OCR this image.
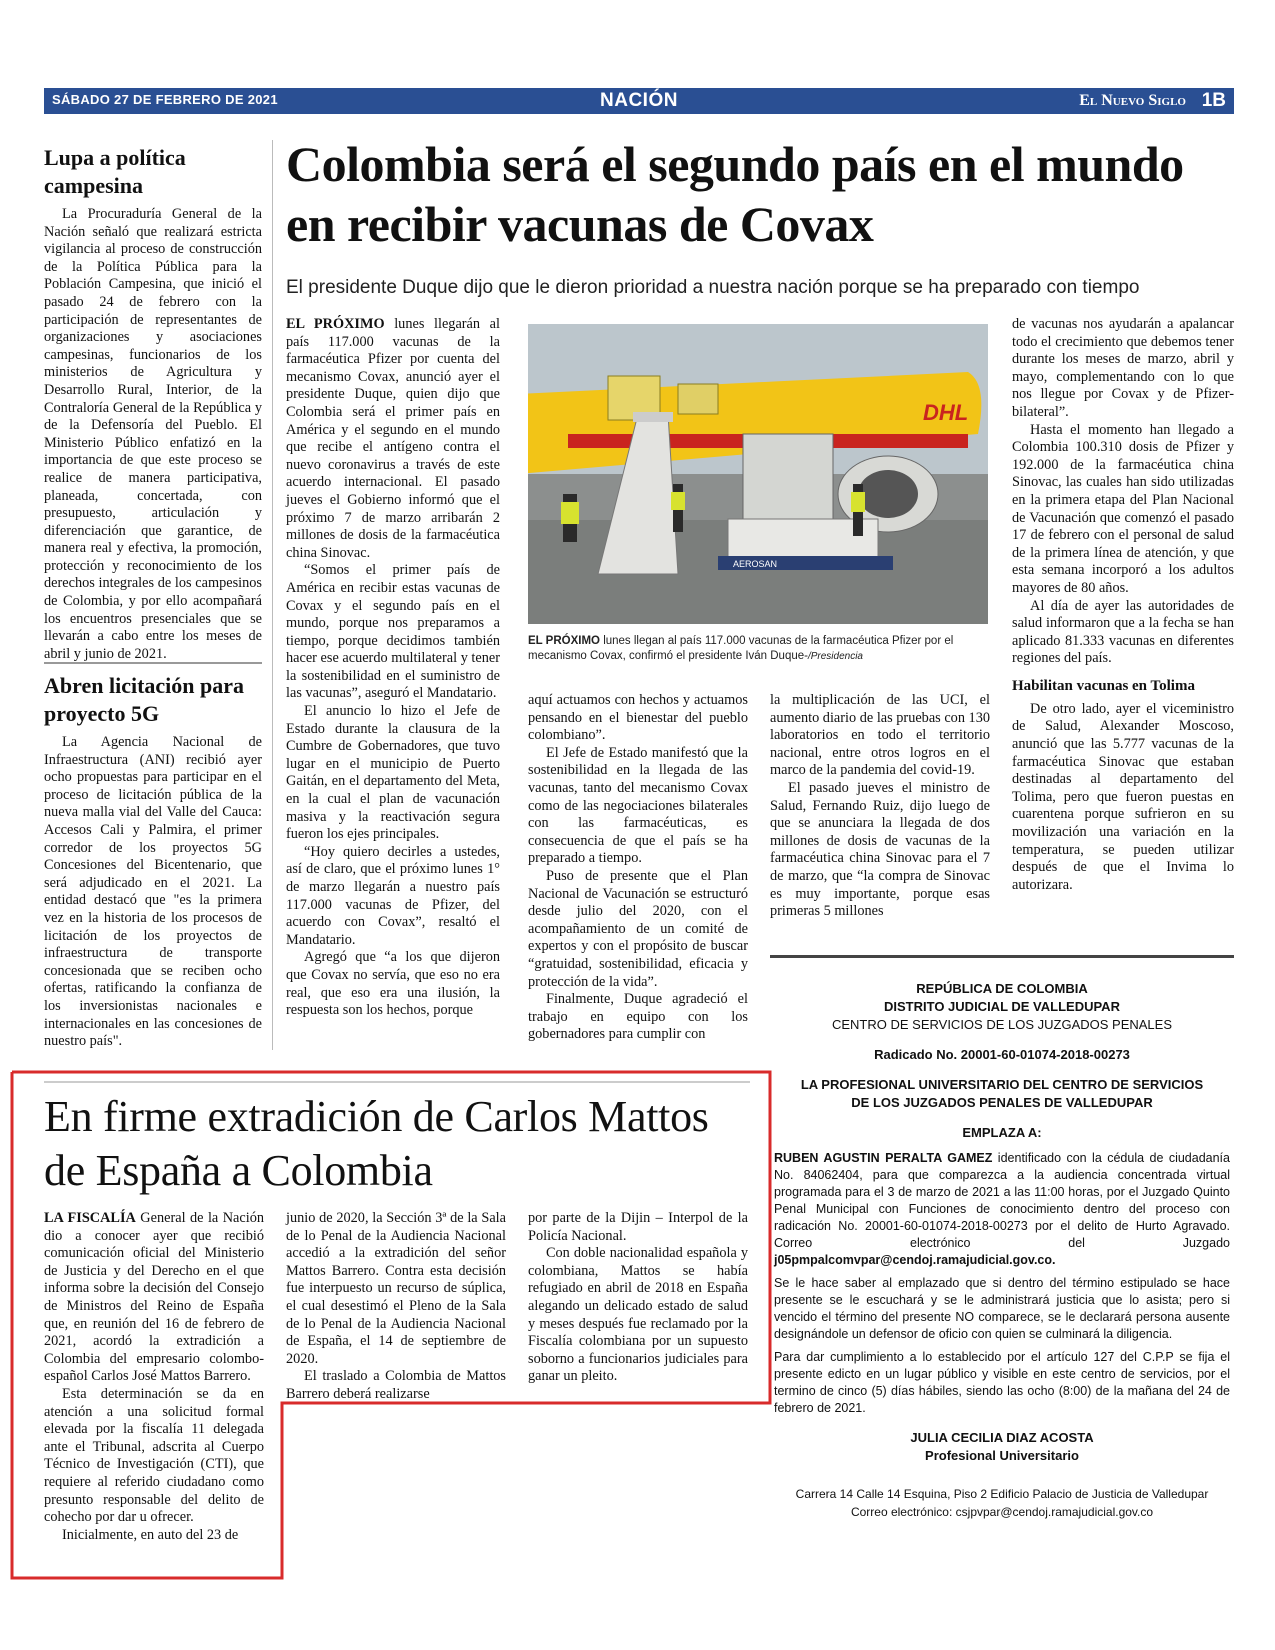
SÁBADO 27 DE FEBRERO DE 2021	NACIÓN	El Nuevo Siglo 1B
Lupa a política campesina

La Procuraduría General de la Nación señaló que realizará estricta vigilancia al proceso de construcción de la Política Pública para la Población Campesina, que inició el pasado 24 de febrero con la participación de representantes de organizaciones y asociaciones campesinas, funcionarios de los ministerios de Agricultura y Desarrollo Rural, Interior, de la Contraloría General de la República y de la Defensoría del Pueblo. El Ministerio Público enfatizó en la importancia de que este proceso se realice de manera participativa, planeada, concertada, con presupuesto, articulación y diferenciación que garantice, de manera real y efectiva, la promoción, protección y reconocimiento de los derechos integrales de los campesinos de Colombia, y por ello acompañará los encuentros presenciales que se llevarán a cabo entre los meses de abril y junio de 2021.

Abren licitación para proyecto 5G

La Agencia Nacional de Infraestructura (ANI) recibió ayer ocho propuestas para participar en el proceso de licitación pública de la nueva malla vial del Valle del Cauca: Accesos Cali y Palmira, el primer corredor de los proyectos 5G Concesiones del Bicentenario, que será adjudicado en el 2021. La entidad destacó que "es la primera vez en la historia de los procesos de licitación de los proyectos de infraestructura de transporte concesionada que se reciben ocho ofertas, ratificando la confianza de los inversionistas nacionales e internacionales en las concesiones de nuestro país".

Colombia será el segundo país en el mundo en recibir vacunas de Covax
El presidente Duque dijo que le dieron prioridad a nuestra nación porque se ha preparado con tiempo

EL PRÓXIMO lunes llegarán al país 117.000 vacunas de la farmacéutica Pfizer por cuenta del mecanismo Covax, anunció ayer el presidente Duque, quien dijo que Colombia será el primer país en América y el segundo en el mundo que recibe el antígeno contra el nuevo coronavirus a través de este acuerdo internacional. El pasado jueves el Gobierno informó que el próximo 7 de marzo arribarán 2 millones de dosis de la farmacéutica china Sinovac.

“Somos el primer país de América en recibir estas vacunas de Covax y el segundo país en el mundo, porque nos preparamos a tiempo, porque decidimos también hacer ese acuerdo multilateral y tener la sostenibilidad en el suministro de las vacunas”, aseguró el Mandatario.

El anuncio lo hizo el Jefe de Estado durante la clausura de la Cumbre de Gobernadores, que tuvo lugar en el municipio de Puerto Gaitán, en el departamento del Meta, en la cual el plan de vacunación masiva y la reactivación segura fueron los ejes principales.

“Hoy quiero decirles a ustedes, así de claro, que el próximo lunes 1° de marzo llegarán a nuestro país 117.000 vacunas de Pfizer, del acuerdo con Covax”, resaltó el Mandatario.

Agregó que “a los que dijeron que Covax no servía, que eso no era real, que eso era una ilusión, la respuesta son los hechos, porque

DHL
AEROSAN
EL PRÓXIMO lunes llegan al país 117.000 vacunas de la farmacéutica Pfizer por el mecanismo Covax, confirmó el presidente Iván Duque-/Presidencia

aquí actuamos con hechos y actuamos pensando en el bienestar del pueblo colombiano”.

El Jefe de Estado manifestó que la sostenibilidad en la llegada de las vacunas, tanto del mecanismo Covax como de las negociaciones bilaterales con las farmacéuticas, es consecuencia de que el país se ha preparado a tiempo.

Puso de presente que el Plan Nacional de Vacunación se estructuró desde julio del 2020, con el acompañamiento de un comité de expertos y con el propósito de buscar “gratuidad, sostenibilidad, eficacia y protección de la vida”.

Finalmente, Duque agradeció el trabajo en equipo con los gobernadores para cumplir con

la multiplicación de las UCI, el aumento diario de las pruebas con 130 laboratorios en todo el territorio nacional, entre otros logros en el marco de la pandemia del covid-19.

El pasado jueves el ministro de Salud, Fernando Ruiz, dijo luego de que se anunciara la llegada de dos millones de dosis de vacunas de la farmacéutica china Sinovac para el 7 de marzo, que “la compra de Sinovac es muy importante, porque esas primeras 5 millones

de vacunas nos ayudarán a apalancar todo el crecimiento que debemos tener durante los meses de marzo, abril y mayo, complementando con lo que nos llegue por Covax y de Pfizer-bilateral”.

Hasta el momento han llegado a Colombia 100.310 dosis de Pfizer y 192.000 de la farmacéutica china Sinovac, las cuales han sido utilizadas en la primera etapa del Plan Nacional de Vacunación que comenzó el pasado 17 de febrero con el personal de salud de la primera línea de atención, y que esta semana incorporó a los adultos mayores de 80 años.

Al día de ayer las autoridades de salud informaron que a la fecha se han aplicado 81.333 vacunas en diferentes regiones del país.

Habilitan vacunas en Tolima

De otro lado, ayer el viceministro de Salud, Alexander Moscoso, anunció que las 5.777 vacunas de la farmacéutica Sinovac que estaban destinadas al departamento del Tolima, pero que fueron puestas en cuarentena porque sufrieron en su movilización una variación en la temperatura, se pueden utilizar después de que el Invima lo autorizara.

En firme extradición de Carlos Mattos de España a Colombia

LA FISCALÍA General de la Nación dio a conocer ayer que recibió comunicación oficial del Ministerio de Justicia y del Derecho en el que informa sobre la decisión del Consejo de Ministros del Reino de España que, en reunión del 16 de febrero de 2021, acordó la extradición a Colombia del empresario colombo-español Carlos José Mattos Barrero.

Esta determinación se da en atención a una solicitud formal elevada por la fiscalía 11 delegada ante el Tribunal, adscrita al Cuerpo Técnico de Investigación (CTI), que requiere al referido ciudadano como presunto responsable del delito de cohecho por dar u ofrecer.

Inicialmente, en auto del 23 de

junio de 2020, la Sección 3ª de la Sala de lo Penal de la Audiencia Nacional accedió a la extradición del señor Mattos Barrero. Contra esta decisión fue interpuesto un recurso de súplica, el cual desestimó el Pleno de la Sala de lo Penal de la Audiencia Nacional de España, el 14 de septiembre de 2020.

El traslado a Colombia de Mattos Barrero deberá realizarse

por parte de la Dijin – Interpol de la Policía Nacional.

Con doble nacionalidad española y colombiana, Mattos se había refugiado en abril de 2018 en España alegando un delicado estado de salud y meses después fue reclamado por la Fiscalía colombiana por un supuesto soborno a funcionarios judiciales para ganar un pleito.

REPÚBLICA DE COLOMBIA
DISTRITO JUDICIAL DE VALLEDUPAR
CENTRO DE SERVICIOS DE LOS JUZGADOS PENALES
Radicado No. 20001-60-01074-2018-00273
LA PROFESIONAL UNIVERSITARIO DEL CENTRO DE SERVICIOS DE LOS JUZGADOS PENALES DE VALLEDUPAR
EMPLAZA A:
RUBEN AGUSTIN PERALTA GAMEZ identificado con la cédula de ciudadanía No. 84062404, para que comparezca a la audiencia concentrada virtual programada para el 3 de marzo de 2021 a las 11:00 horas, por el Juzgado Quinto Penal Municipal con Funciones de conocimiento dentro del proceso con radicación No. 20001-60-01074-2018-00273 por el delito de Hurto Agravado. Correo electrónico del Juzgado j05pmpalcomvpar@cendoj.ramajudicial.gov.co.
Se le hace saber al emplazado que si dentro del término estipulado se hace presente se le escuchará y se le administrará justicia que lo asista; pero si vencido el término del presente NO comparece, se le declarará persona ausente designándole un defensor de oficio con quien se culminará la diligencia.
Para dar cumplimiento a lo establecido por el artículo 127 del C.P.P se fija el presente edicto en un lugar público y visible en este centro de servicios, por el termino de cinco (5) días hábiles, siendo las ocho (8:00) de la mañana del 24 de febrero de 2021.
JULIA CECILIA DIAZ ACOSTA
Profesional Universitario
Carrera 14 Calle 14 Esquina, Piso 2 Edificio Palacio de Justicia de Valledupar
Correo electrónico: csjpvpar@cendoj.ramajudicial.gov.co
